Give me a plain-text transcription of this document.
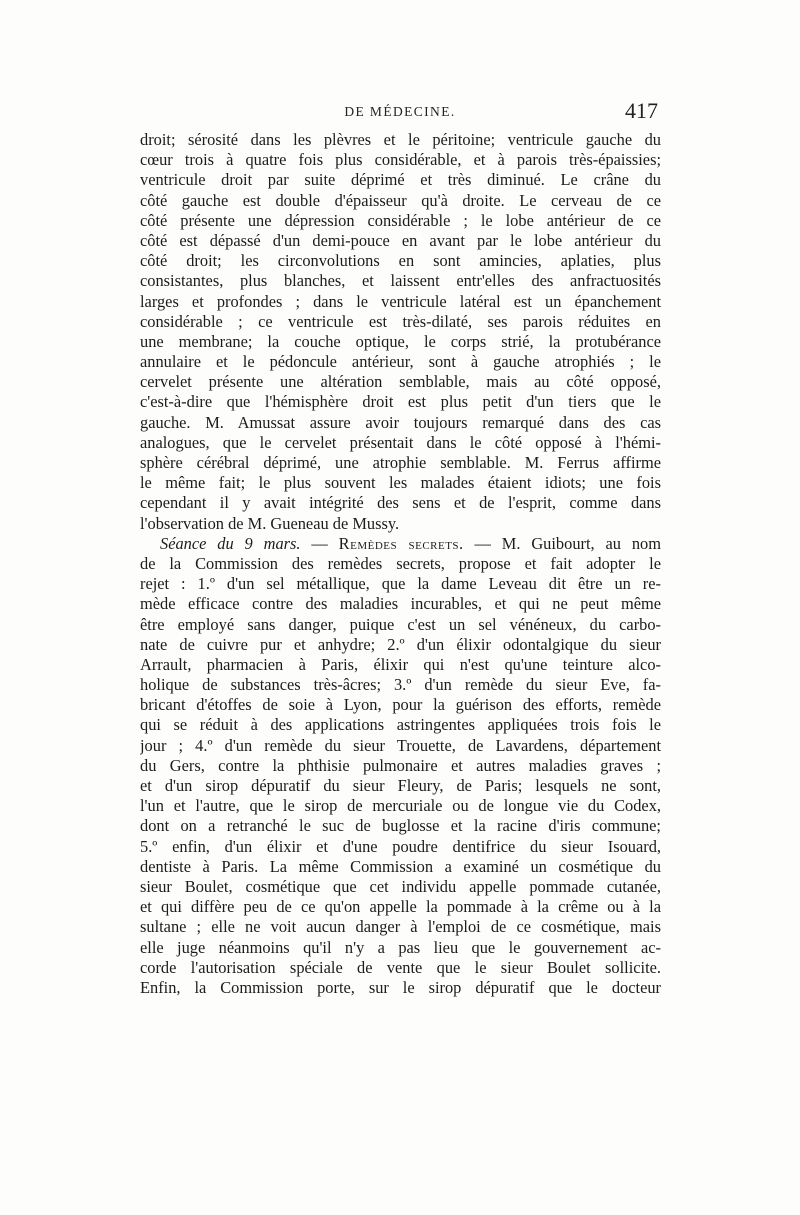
DE MÉDECINE.	417
droit; sérosité dans les plèvres et le péritoine; ventricule gauche du
cœur trois à quatre fois plus considérable, et à parois très-épaissies;
ventricule droit par suite déprimé et très diminué. Le crâne du
côté gauche est double d'épaisseur qu'à droite. Le cerveau de ce
côté présente une dépression considérable ; le lobe antérieur de ce
côté est dépassé d'un demi-pouce en avant par le lobe antérieur du
côté droit; les circonvolutions en sont amincies, aplaties, plus
consistantes, plus blanches, et laissent entr'elles des anfractuosités
larges et profondes ; dans le ventricule latéral est un épanchement
considérable ; ce ventricule est très-dilaté, ses parois réduites en
une membrane; la couche optique, le corps strié, la protubérance
annulaire et le pédoncule antérieur, sont à gauche atrophiés ; le
cervelet présente une altération semblable, mais au côté opposé,
c'est-à-dire que l'hémisphère droit est plus petit d'un tiers que le
gauche. M. Amussat assure avoir toujours remarqué dans des cas
analogues, que le cervelet présentait dans le côté opposé à l'hémi-
sphère cérébral déprimé, une atrophie semblable. M. Ferrus affirme
le même fait; le plus souvent les malades étaient idiots; une fois
cependant il y avait intégrité des sens et de l'esprit, comme dans
l'observation de M. Gueneau de Mussy.
Séance du 9 mars. — Remèdes secrets. — M. Guibourt, au nom
de la Commission des remèdes secrets, propose et fait adopter le
rejet : 1.º d'un sel métallique, que la dame Leveau dit être un re-
mède efficace contre des maladies incurables, et qui ne peut même
être employé sans danger, puique c'est un sel vénéneux, du carbo-
nate de cuivre pur et anhydre; 2.º d'un élixir odontalgique du sieur
Arrault, pharmacien à Paris, élixir qui n'est qu'une teinture alco-
holique de substances très-âcres; 3.º d'un remède du sieur Eve, fa-
bricant d'étoffes de soie à Lyon, pour la guérison des efforts, remède
qui se réduit à des applications astringentes appliquées trois fois le
jour ; 4.º d'un remède du sieur Trouette, de Lavardens, département
du Gers, contre la phthisie pulmonaire et autres maladies graves ;
et d'un sirop dépuratif du sieur Fleury, de Paris; lesquels ne sont,
l'un et l'autre, que le sirop de mercuriale ou de longue vie du Codex,
dont on a retranché le suc de buglosse et la racine d'iris commune;
5.º enfin, d'un élixir et d'une poudre dentifrice du sieur Isouard,
dentiste à Paris. La même Commission a examiné un cosmétique du
sieur Boulet, cosmétique que cet individu appelle pommade cutanée,
et qui diffère peu de ce qu'on appelle la pommade à la crême ou à la
sultane ; elle ne voit aucun danger à l'emploi de ce cosmétique, mais
elle juge néanmoins qu'il n'y a pas lieu que le gouvernement ac-
corde l'autorisation spéciale de vente que le sieur Boulet sollicite.
Enfin, la Commission porte, sur le sirop dépuratif que le docteur
